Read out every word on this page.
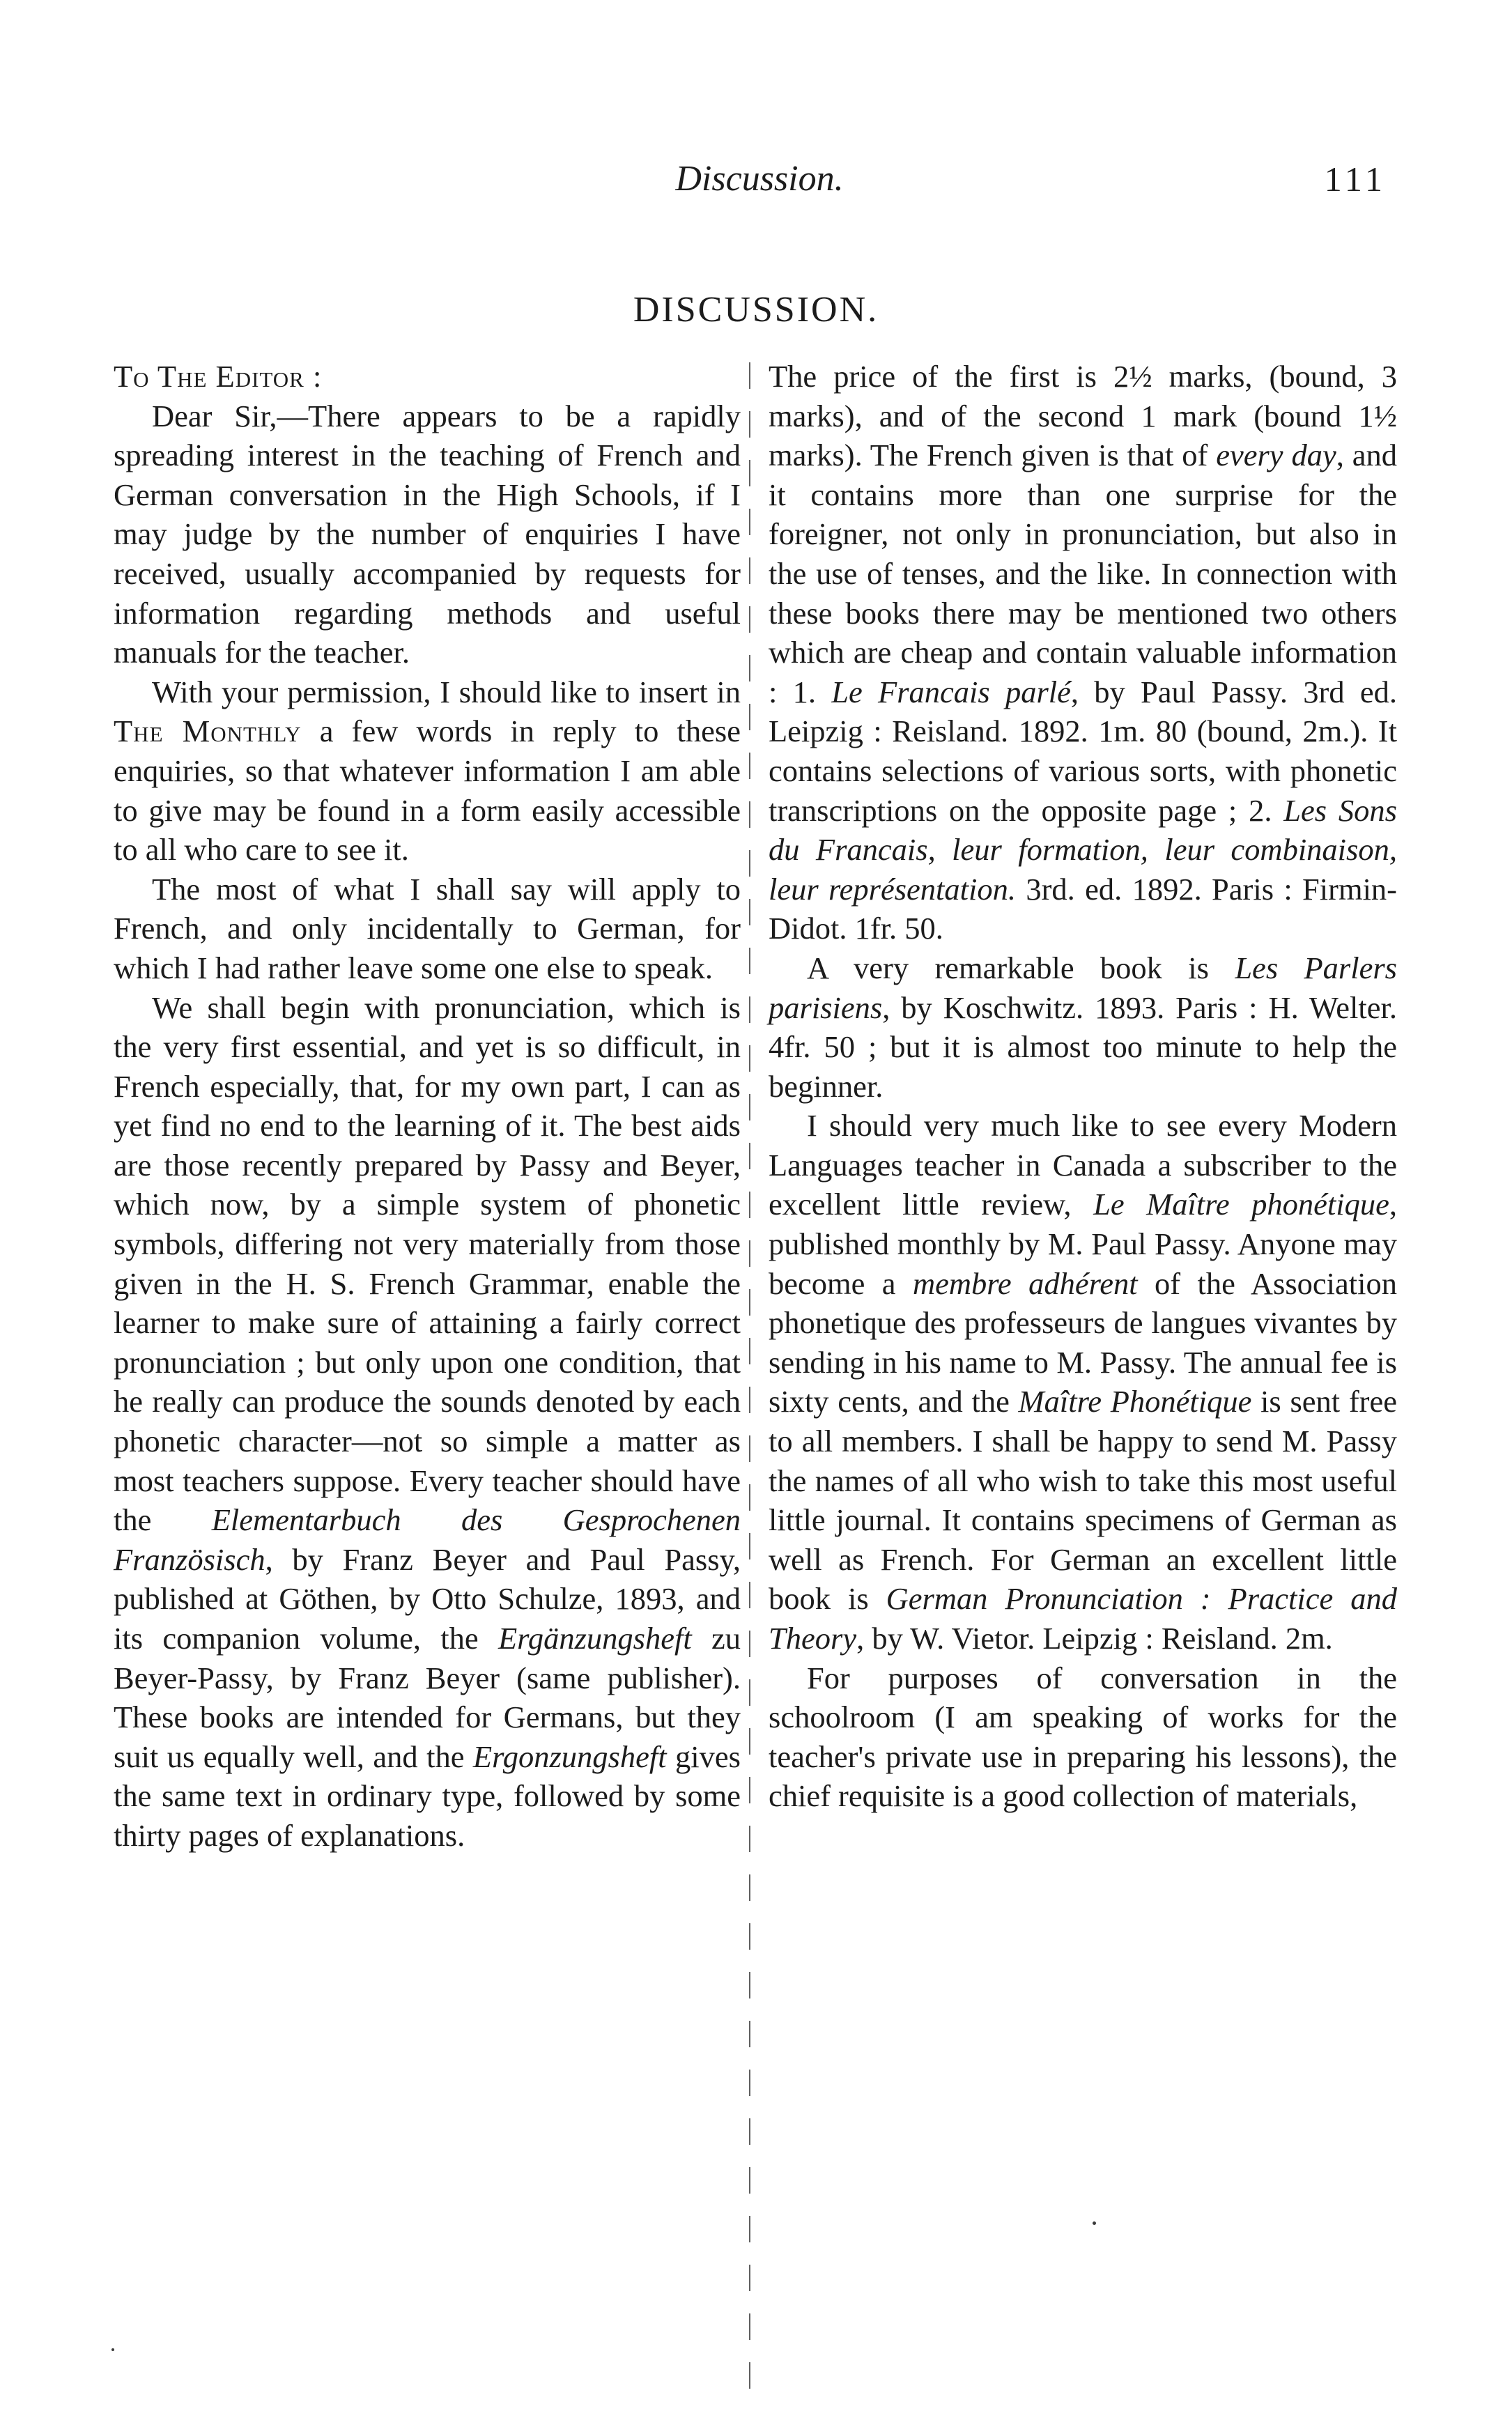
Discussion.	111
DISCUSSION.

To The Editor :

Dear Sir,—There appears to be a rapidly spreading interest in the teaching of French and German conversation in the High Schools, if I may judge by the number of enquiries I have received, usually accompanied by requests for information regarding methods and useful manuals for the teacher.

With your permission, I should like to insert in The Monthly a few words in reply to these enquiries, so that whatever information I am able to give may be found in a form easily accessible to all who care to see it.

The most of what I shall say will apply to French, and only incidentally to German, for which I had rather leave some one else to speak.

We shall begin with pronunciation, which is the very first essential, and yet is so difficult, in French especially, that, for my own part, I can as yet find no end to the learning of it. The best aids are those recently prepared by Passy and Beyer, which now, by a simple system of phonetic symbols, differing not very materially from those given in the H. S. French Grammar, enable the learner to make sure of attaining a fairly correct pronunciation ; but only upon one condition, that he really can produce the sounds denoted by each phonetic character—not so simple a matter as most teachers suppose. Every teacher should have the Elementarbuch des Gesprochenen Französisch, by Franz Beyer and Paul Passy, published at Göthen, by Otto Schulze, 1893, and its companion volume, the Ergänzungsheft zu Beyer-Passy, by Franz Beyer (same publisher). These books are intended for Germans, but they suit us equally well, and the Ergonzungsheft gives the same text in ordinary type, followed by some thirty pages of explanations.

The price of the first is 2½ marks, (bound, 3 marks), and of the second 1 mark (bound 1½ marks). The French given is that of every day, and it contains more than one surprise for the foreigner, not only in pronunciation, but also in the use of tenses, and the like. In connection with these books there may be mentioned two others which are cheap and contain valuable information : 1. Le Francais parlé, by Paul Passy. 3rd ed. Leipzig : Reisland. 1892. 1m. 80 (bound, 2m.). It contains selections of various sorts, with phonetic transcriptions on the opposite page ; 2. Les Sons du Francais, leur formation, leur combinaison, leur représentation. 3rd. ed. 1892. Paris : Firmin-Didot. 1fr. 50.

A very remarkable book is Les Parlers parisiens, by Koschwitz. 1893. Paris : H. Welter. 4fr. 50 ; but it is almost too minute to help the beginner.

I should very much like to see every Modern Languages teacher in Canada a subscriber to the excellent little review, Le Maître phonétique, published monthly by M. Paul Passy. Anyone may become a membre adhérent of the Association phonetique des professeurs de langues vivantes by sending in his name to M. Passy. The annual fee is sixty cents, and the Maître Phonétique is sent free to all members. I shall be happy to send M. Passy the names of all who wish to take this most useful little journal. It contains specimens of German as well as French. For German an excellent little book is German Pronunciation : Practice and Theory, by W. Vietor. Leipzig : Reisland. 2m.

For purposes of conversation in the schoolroom (I am speaking of works for the teacher's private use in preparing his lessons), the chief requisite is a good collection of materials,
